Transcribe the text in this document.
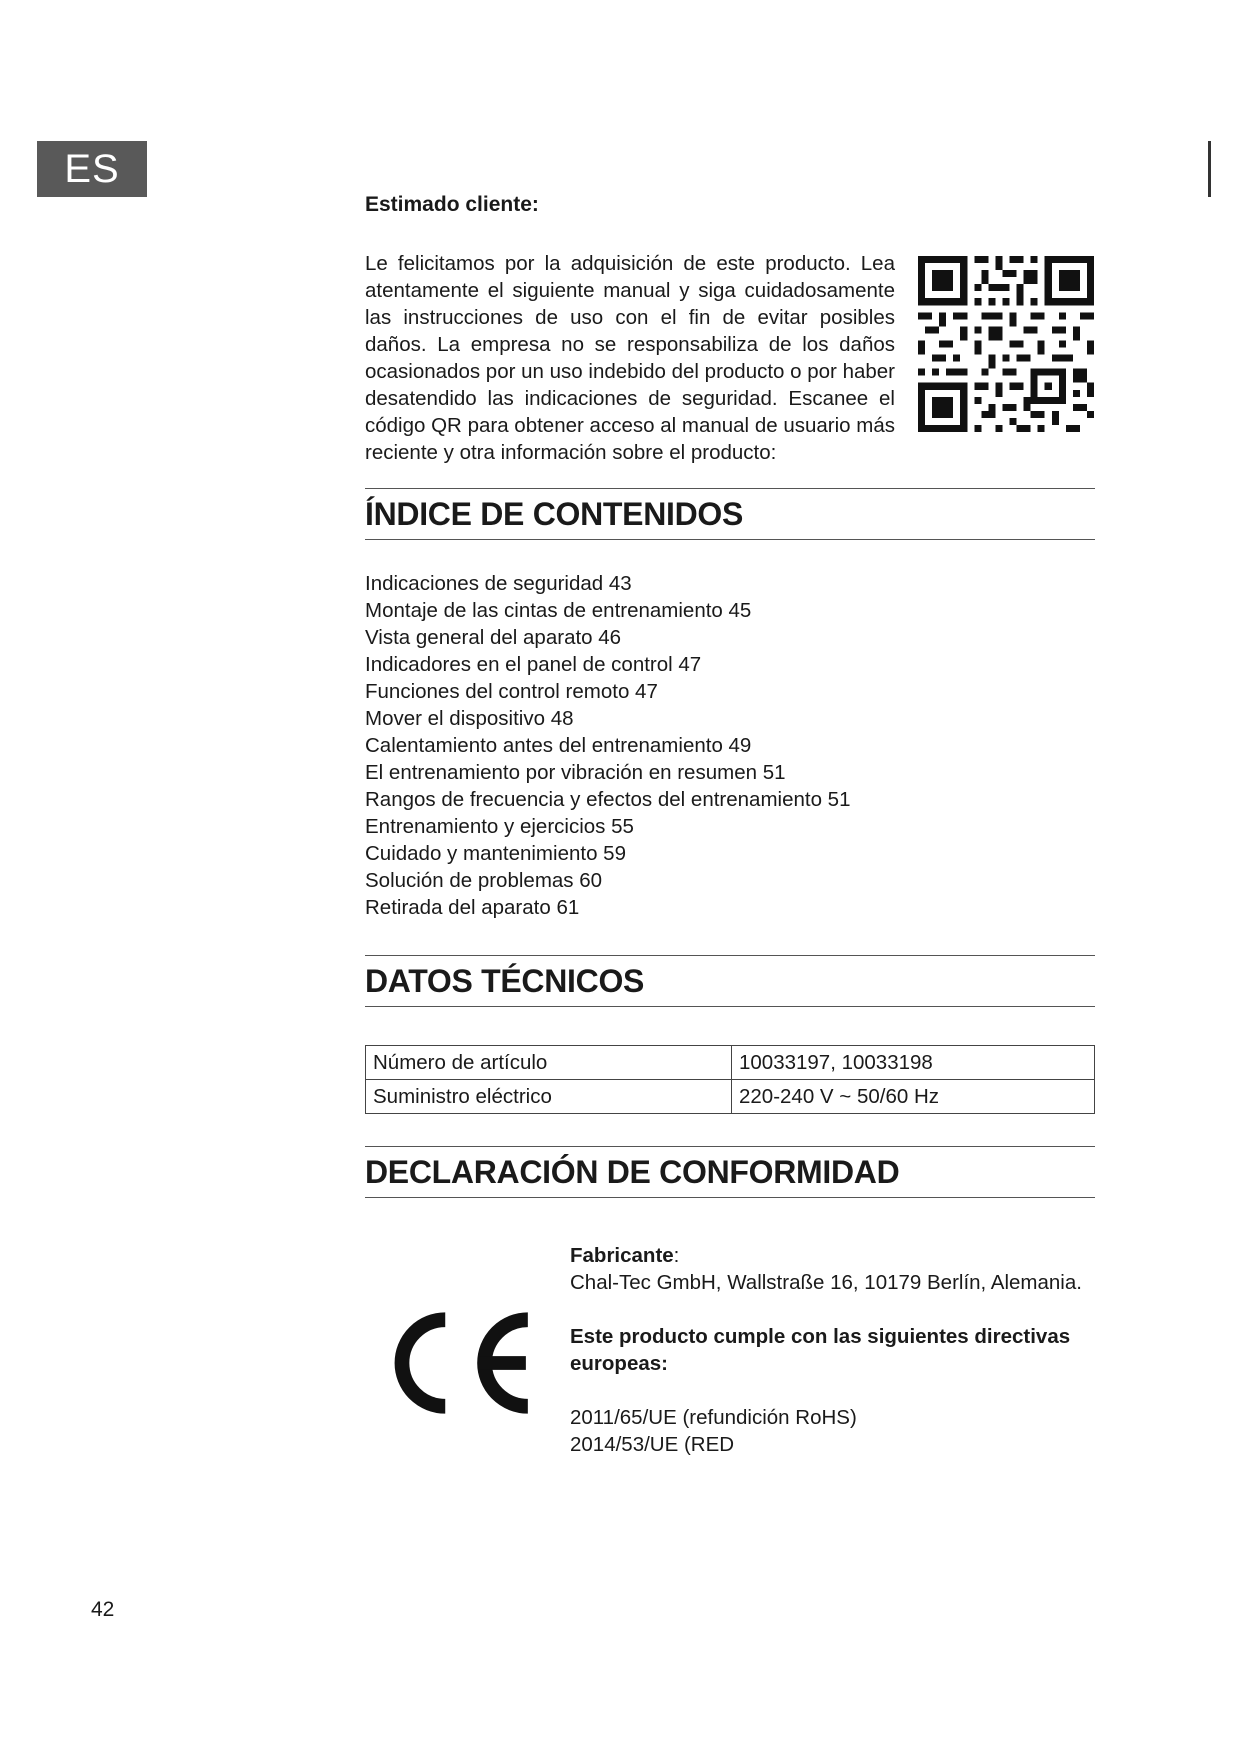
ES

Estimado cliente:

Le felicitamos por la adquisición de este producto. Lea atentamente el siguiente manual y siga cuidadosamente las instrucciones de uso con el fin de evitar posibles daños. La empresa no se responsabiliza de los daños ocasionados por un uso indebido del producto o por haber desatendido las indicaciones de seguridad. Escanee el código QR para obtener acceso al manual de usuario más reciente y otra información sobre el producto:

ÍNDICE DE CONTENIDOS
Indicaciones de seguridad 43
Montaje de las cintas de entrenamiento 45
Vista general del aparato 46
Indicadores en el panel de control 47
Funciones del control remoto 47
Mover el dispositivo 48
Calentamiento antes del entrenamiento 49
El entrenamiento por vibración en resumen 51
Rangos de frecuencia y efectos del entrenamiento 51
Entrenamiento y ejercicios 55
Cuidado y mantenimiento 59
Solución de problemas 60
Retirada del aparato 61
DATOS TÉCNICOS
Número de artículo	10033197, 10033198
Suministro eléctrico	220-240 V ~ 50/60 Hz
DECLARACIÓN DE CONFORMIDAD

Fabricante:

Chal-Tec GmbH, Wallstraße 16, 10179 Berlín, Alemania.

Este producto cumple con las siguientes directivas europeas:

2011/65/UE (refundición RoHS)

2014/53/UE (RED

42
